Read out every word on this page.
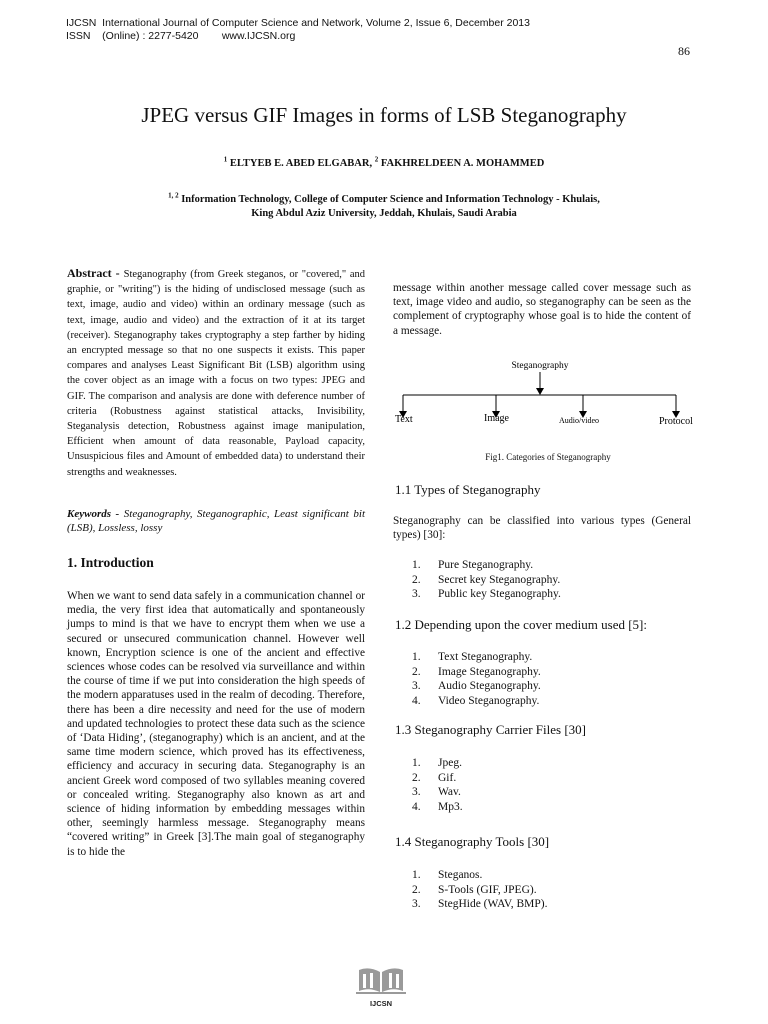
IJCSN  International Journal of Computer Science and Network, Volume 2, Issue 6, December 2013
ISSN    (Online) : 2277-5420        www.IJCSN.org
86
JPEG versus GIF Images in forms of LSB Steganography
$^1$ ELTYEB E. ABED ELGABAR, $^2$ FAKHRELDEEN A. MOHAMMED
$^{1, 2}$ Information Technology, College of Computer Science and Information Technology - Khulais,
King Abdul Aziz University, Jeddah, Khulais, Saudi Arabia

Abstract - Steganography (from Greek steganos, or "covered," and graphie, or "writing") is the hiding of undisclosed message (such as text, image, audio and video) within an ordinary message (such as text, image, audio and video) and the extraction of it at its target (receiver). Steganography takes cryptography a step farther by hiding an encrypted message so that no one suspects it exists. This paper compares and analyses Least Significant Bit (LSB) algorithm using the cover object as an image with a focus on two types: JPEG and GIF. The comparison and analysis are done with deference number of criteria (Robustness against statistical attacks, Invisibility, Steganalysis detection, Robustness against image manipulation, Efficient when amount of data reasonable, Payload capacity, Unsuspicious files and Amount of embedded data) to understand their strengths and weaknesses.

Keywords - Steganography, Steganographic, Least significant bit (LSB), Lossless, lossy

1. Introduction

When we want to send data safely in a communication channel or media, the very first idea that automatically and spontaneously jumps to mind is that we have to encrypt them when we use a secured or unsecured communication channel. However well known, Encryption science is one of the ancient and effective sciences whose codes can be resolved via surveillance and within the course of time if we put into consideration the high speeds of the modern apparatuses used in the realm of decoding. Therefore, there has been a dire necessity and need for the use of modern and updated technologies to protect these data such as the science of ‘Data Hiding’, (steganography) which is an ancient, and at the same time modern science, which proved has its effectiveness, efficiency and accuracy in securing data. Steganography is an ancient Greek word composed of two syllables meaning covered or concealed writing. Steganography also known as art and science of hiding information by embedding messages within other, seemingly harmless message. Steganography means “covered writing” in Greek [3].The main goal of steganography is to hide the

message within another message called cover message such as text, image video and audio, so steganography can be seen as the complement of cryptography whose goal is to hide the content of a message.

Steganography
Text	Image	Audio/video	Protocol
Fig1. Categories of Steganography
1.1 Types of Steganography

Steganography can be classified into various types (General types) [30]:

1. Pure Steganography.
2. Secret key Steganography.
3. Public key Steganography.
1.2 Depending upon the cover medium used [5]:
1. Text Steganography.
2. Image Steganography.
3. Audio Steganography.
4. Video Steganography.
1.3 Steganography Carrier Files [30]
1. Jpeg.
2. Gif.
3. Wav.
4. Mp3.
1.4 Steganography Tools [30]
1. Steganos.
2. S-Tools (GIF, JPEG).
3. StegHide (WAV, BMP).
IJCSN
